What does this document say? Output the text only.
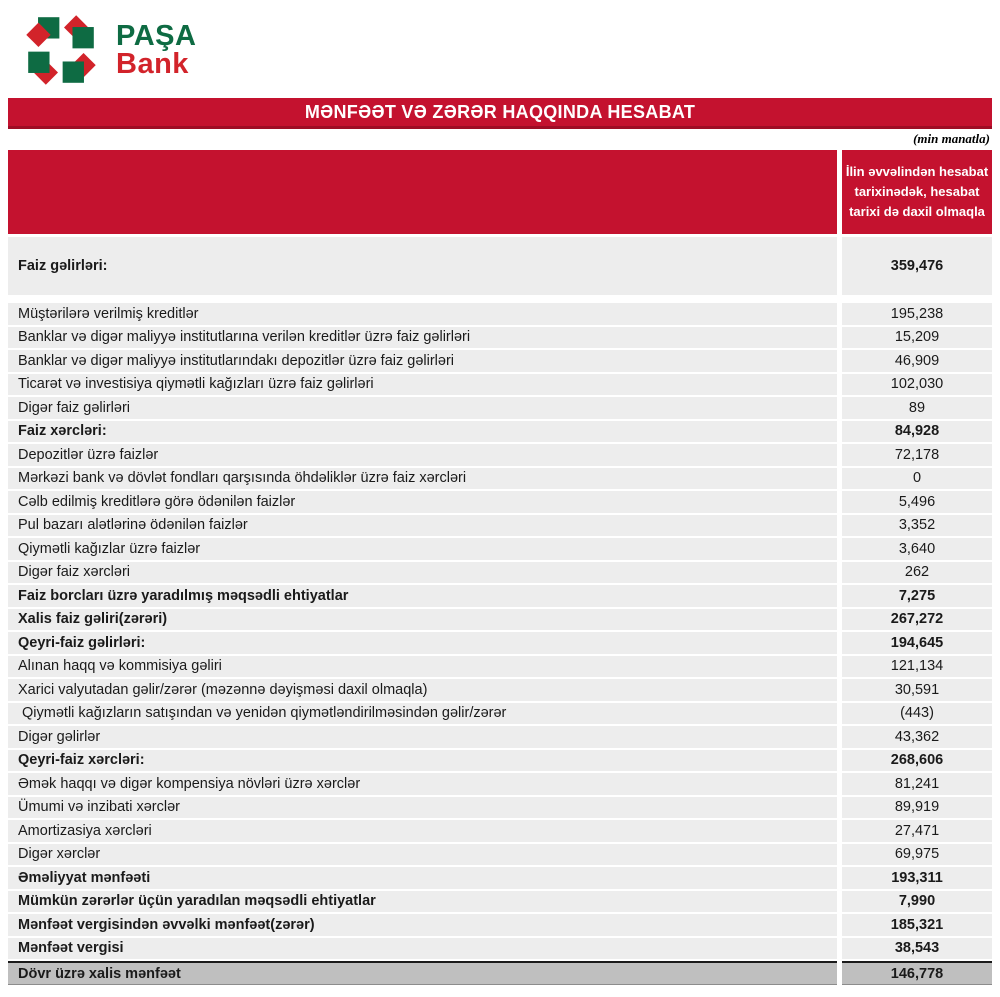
PAŞA
Bank
MƏNFƏƏT VƏ ZƏRƏR HAQQINDA HESABAT
(min manatla)
İlin əvvəlindən hesabat tarixinədək, hesabat tarixi də daxil olmaqla
Faiz gəlirləri:	359,476
Müştərilərə verilmiş kreditlər	195,238
Banklar və digər maliyyə institutlarına verilən kreditlər üzrə faiz gəlirləri	15,209
Banklar və digər maliyyə institutlarındakı depozitlər üzrə faiz gəlirləri	46,909
Ticarət və investisiya qiymətli kağızları üzrə faiz gəlirləri	102,030
Digər faiz gəlirləri	89
Faiz xərcləri:	84,928
Depozitlər üzrə faizlər	72,178
Mərkəzi bank və dövlət fondları qarşısında öhdəliklər üzrə faiz xərcləri	0
Cəlb edilmiş kreditlərə görə ödənilən faizlər	5,496
Pul bazarı alətlərinə ödənilən faizlər	3,352
Qiymətli kağızlar üzrə faizlər	3,640
Digər faiz xərcləri	262
Faiz borcları üzrə yaradılmış məqsədli ehtiyatlar	7,275
Xalis faiz gəliri(zərəri)	267,272
Qeyri-faiz gəlirləri:	194,645
Alınan haqq və kommisiya gəliri	121,134
Xarici valyutadan gəlir/zərər (məzənnə dəyişməsi daxil olmaqla)	30,591
Qiymətli kağızların satışından və yenidən qiymətləndirilməsindən gəlir/zərər	(443)
Digər gəlirlər	43,362
Qeyri-faiz xərcləri:	268,606
Əmək haqqı və digər kompensiya növləri üzrə xərclər	81,241
Ümumi və inzibati xərclər	89,919
Amortizasiya xərcləri	27,471
Digər xərclər	69,975
Əməliyyat mənfəəti	193,311
Mümkün zərərlər üçün yaradılan məqsədli ehtiyatlar	7,990
Mənfəət vergisindən əvvəlki mənfəət(zərər)	185,321
Mənfəət vergisi	38,543
Dövr üzrə xalis mənfəət	146,778
